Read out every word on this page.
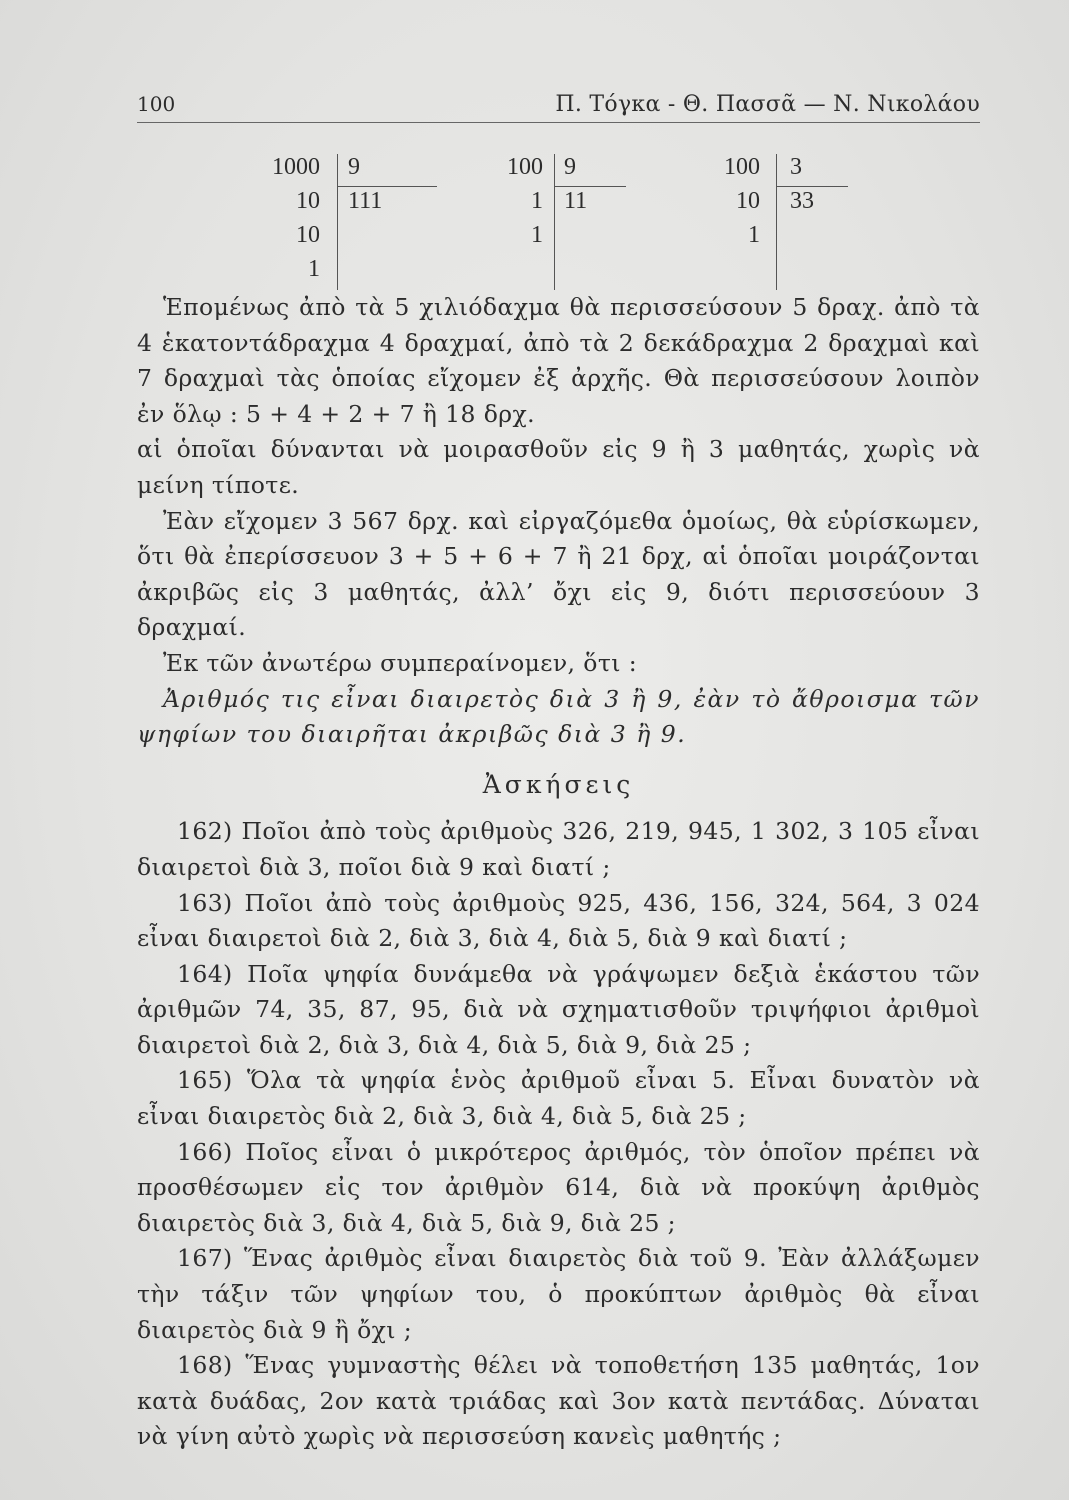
100	Π. Τόγκα - Θ. Πασσᾶ — Ν. Νικολάου
1000
10
10
1
9
111
100
1
1
9
11
100
10
1
3
33

Ἑπομένως ἀπὸ τὰ 5 χιλιόδαχμα θὰ περισσεύσουν 5 δραχ. ἀπὸ τὰ 4 ἑκατοντάδραχμα 4 δραχμαί, ἀπὸ τὰ 2 δεκάδραχμα 2 δραχμαὶ καὶ 7 δραχμαὶ τὰς ὁποίας εἴχομεν ἐξ ἀρχῆς. Θὰ περισσεύσουν λοιπὸν ἐν ὅλῳ : 5 + 4 + 2 + 7 ἢ 18 δρχ.

αἱ ὁποῖαι δύνανται νὰ μοιρασθοῦν εἰς 9 ἢ 3 μαθητάς, χωρὶς νὰ μείνη τίποτε.

Ἐὰν εἴχομεν 3 567 δρχ. καὶ εἰργαζόμεθα ὁμοίως, θὰ εὑρίσκωμεν, ὅτι θὰ ἐπερίσσευον 3 + 5 + 6 + 7 ἢ 21 δρχ, αἱ ὁποῖαι μοιράζονται ἀκριβῶς εἰς 3 μαθητάς, ἀλλ’ ὄχι εἰς 9, διότι περισσεύουν 3 δραχμαί.

Ἐκ τῶν ἀνωτέρω συμπεραίνομεν, ὅτι :

Ἀριθμός τις εἶναι διαιρετὸς διὰ 3 ἢ 9, ἐὰν τὸ ἄθροισμα τῶν ψηφίων του διαιρῆται ἀκριβῶς διὰ 3 ἢ 9.

Ἀσκήσεις

162) Ποῖοι ἀπὸ τοὺς ἀριθμοὺς 326, 219, 945, 1 302, 3 105 εἶναι διαιρετοὶ διὰ 3, ποῖοι διὰ 9 καὶ διατί ;

163) Ποῖοι ἀπὸ τοὺς ἀριθμοὺς 925, 436, 156, 324, 564, 3 024 εἶναι διαιρετοὶ διὰ 2, διὰ 3, διὰ 4, διὰ 5, διὰ 9 καὶ διατί ;

164) Ποῖα ψηφία δυνάμεθα νὰ γράψωμεν δεξιὰ ἑκάστου τῶν ἀριθμῶν 74, 35, 87, 95, διὰ νὰ σχηματισθοῦν τριψήφιοι ἀριθμοὶ διαιρετοὶ διὰ 2, διὰ 3, διὰ 4, διὰ 5, διὰ 9, διὰ 25 ;

165) Ὅλα τὰ ψηφία ἑνὸς ἀριθμοῦ εἶναι 5. Εἶναι δυνατὸν νὰ εἶναι διαιρετὸς διὰ 2, διὰ 3, διὰ 4, διὰ 5, διὰ 25 ;

166) Ποῖος εἶναι ὁ μικρότερος ἀριθμός, τὸν ὁποῖον πρέπει νὰ προσθέσωμεν εἰς τον ἀριθμὸν 614, διὰ νὰ προκύψη ἀριθμὸς διαιρετὸς διὰ 3, διὰ 4, διὰ 5, διὰ 9, διὰ 25 ;

167) Ἕνας ἀριθμὸς εἶναι διαιρετὸς διὰ τοῦ 9. Ἐὰν ἀλλάξωμεν τὴν τάξιν τῶν ψηφίων του, ὁ προκύπτων ἀριθμὸς θὰ εἶναι διαιρετὸς διὰ 9 ἢ ὄχι ;

168) Ἕνας γυμναστὴς θέλει νὰ τοποθετήση 135 μαθητάς, 1ον κατὰ δυάδας, 2ον κατὰ τριάδας καὶ 3ον κατὰ πεντάδας. Δύναται νὰ γίνη αὐτὸ χωρὶς νὰ περισσεύση κανεὶς μαθητής ;
